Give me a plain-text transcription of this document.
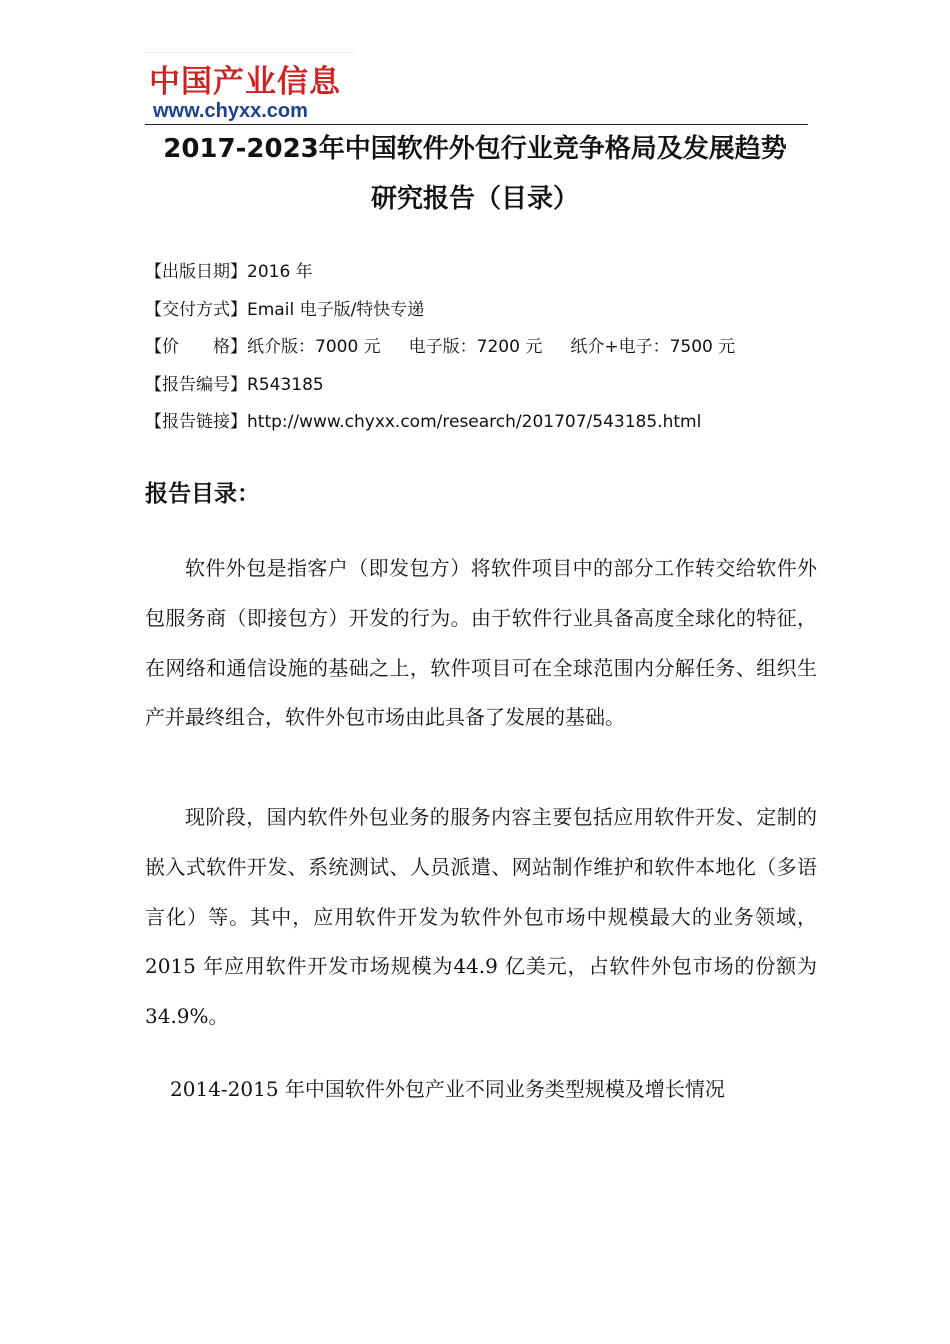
中国产业信息
www.chyxx.com
2017-2023年中国软件外包行业竞争格局及发展趋势
研究报告（目录）
【出版日期】2016 年
【交付方式】Email 电子版/特快专递
【价　　格】纸介版：7000 元 电子版：7200 元 纸介+电子：7500 元
【报告编号】R543185
【报告链接】http://www.chyxx.com/research/201707/543185.html
报告目录：

软件外包是指客户（即发包方）将软件项目中的部分工作转交给软件外包服务商（即接包方）开发的行为。由于软件行业具备高度全球化的特征，在网络和通信设施的基础之上，软件项目可在全球范围内分解任务、组织生产并最终组合，软件外包市场由此具备了发展的基础。

现阶段，国内软件外包业务的服务内容主要包括应用软件开发、定制的嵌入式软件开发、系统测试、人员派遣、网站制作维护和软件本地化（多语言化）等。其中，应用软件开发为软件外包市场中规模最大的业务领域，2015 年应用软件开发市场规模为44.9 亿美元，占软件外包市场的份额为34.9%。

2014-2015 年中国软件外包产业不同业务类型规模及增长情况
